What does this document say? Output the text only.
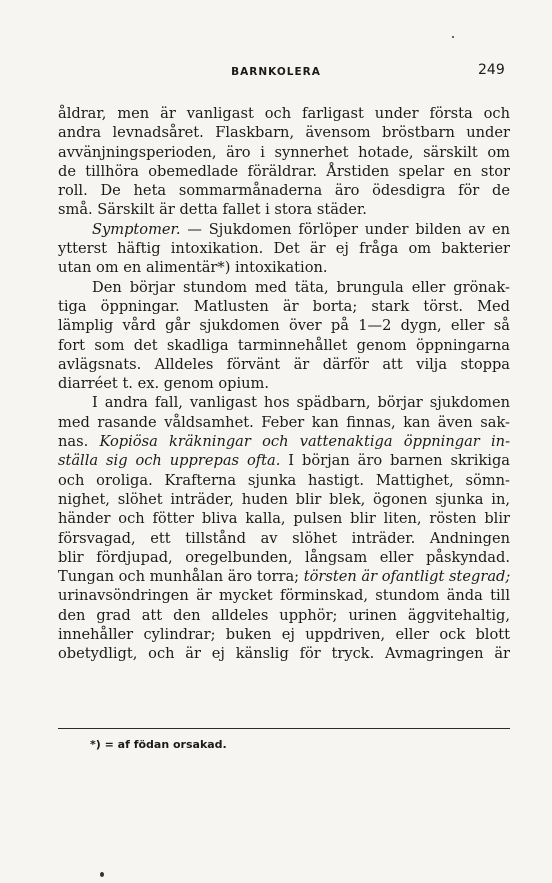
249
BARNKOLERA
åldrar, men är vanligast och farligast under första och
andra levnadsåret. Flaskbarn, ävensom bröstbarn under
avvänjningsperioden, äro i synnerhet hotade, särskilt om
de tillhöra obemedlade föräldrar. Årstiden spelar en stor
roll. De heta sommarmånaderna äro ödesdigra för de
små. Särskilt är detta fallet i stora städer.
Symptomer. — Sjukdomen förlöper under bilden av en
ytterst häftig intoxikation. Det är ej fråga om bakterier
utan om en alimentär*) intoxikation.
Den börjar stundom med täta, brungula eller grönak-
tiga öppningar. Matlusten är borta; stark törst. Med
lämplig vård går sjukdomen över på 1—2 dygn, eller så
fort som det skadliga tarminnehållet genom öppningarna
avlägsnats. Alldeles förvänt är därför att vilja stoppa
diarréet t. ex. genom opium.
I andra fall, vanligast hos spädbarn, börjar sjukdomen
med rasande våldsamhet. Feber kan finnas, kan även sak-
nas. Kopiösa kräkningar och vattenaktiga öppningar in-
ställa sig och upprepas ofta. I början äro barnen skrikiga
och oroliga. Krafterna sjunka hastigt. Mattighet, sömn-
nighet, slöhet inträder, huden blir blek, ögonen sjunka in,
händer och fötter bliva kalla, pulsen blir liten, rösten blir
försvagad, ett tillstånd av slöhet inträder. Andningen
blir fördjupad, oregelbunden, långsam eller påskyndad.
Tungan och munhålan äro torra; törsten är ofantligt stegrad;
urinavsöndringen är mycket förminskad, stundom ända till
den grad att den alldeles upphör; urinen äggvitehaltig,
innehåller cylindrar; buken ej uppdriven, eller ock blott
obetydligt, och är ej känslig för tryck. Avmagringen är
*) = af födan orsakad.
